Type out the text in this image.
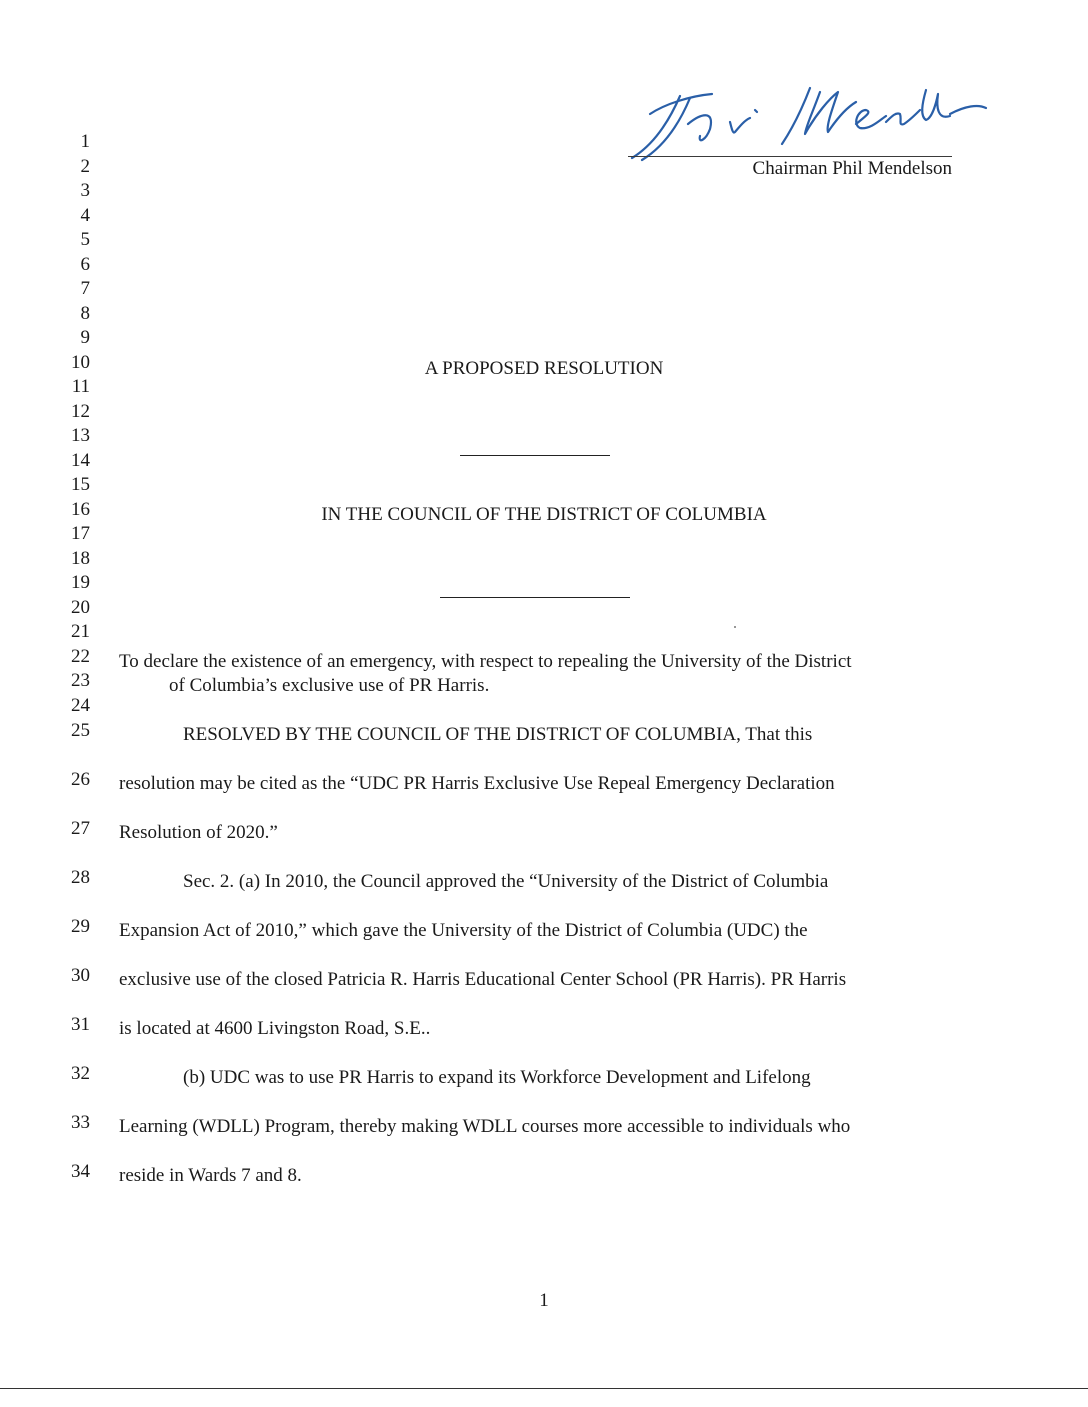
Chairman Phil Mendelson
1
2
3
4
5
6
7
8
9
10
11
12
13
14
15
16
17
18
19
20
21
22
23
24
25
26
27
28
29
30
31
32
33
34
A PROPOSED RESOLUTION
IN THE COUNCIL OF THE DISTRICT OF COLUMBIA
To declare the existence of an emergency, with respect to repealing the University of the District
of Columbia’s exclusive use of PR Harris.
RESOLVED BY THE COUNCIL OF THE DISTRICT OF COLUMBIA, That this
resolution may be cited as the “UDC PR Harris Exclusive Use Repeal Emergency Declaration
Resolution of 2020.”
Sec. 2. (a) In 2010, the Council approved the “University of the District of Columbia
Expansion Act of 2010,” which gave the University of the District of Columbia (UDC) the
exclusive use of the closed Patricia R. Harris Educational Center School (PR Harris). PR Harris
is located at 4600 Livingston Road, S.E..
(b) UDC was to use PR Harris to expand its Workforce Development and Lifelong
Learning (WDLL) Program, thereby making WDLL courses more accessible to individuals who
reside in Wards 7 and 8.
1
